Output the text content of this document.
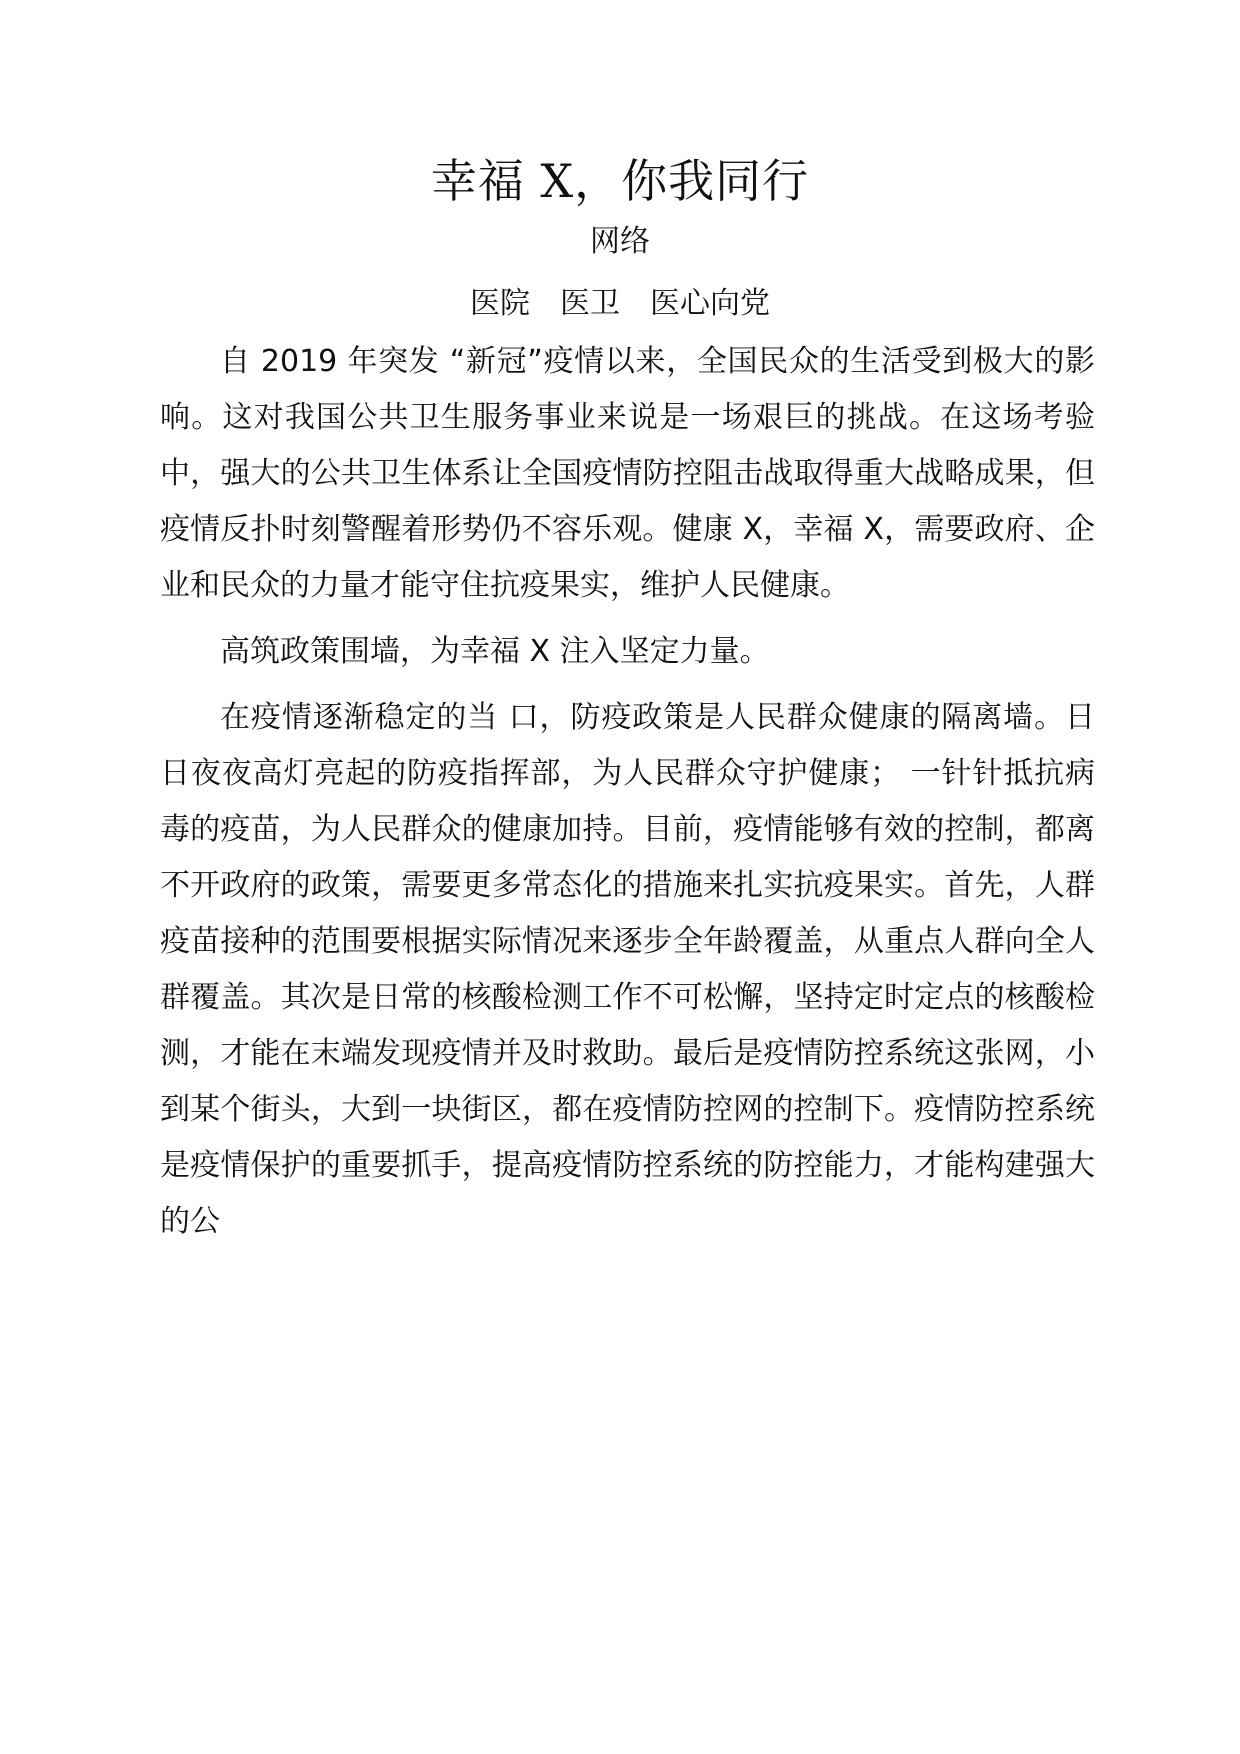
幸福 X，你我同行
网络
医院　医卫　医心向党

自 2019 年突发 “新冠”疫情以来，全国民众的生活受到极大的影响。这对我国公共卫生服务事业来说是一场艰巨的挑战。在这场考验中，强大的公共卫生体系让全国疫情防控阻击战取得重大战略成果，但疫情反扑时刻警醒着形势仍不容乐观。健康 X，幸福 X，需要政府、企业和民众的力量才能守住抗疫果实，维护人民健康。

高筑政策围墙，为幸福 X 注入坚定力量。

在疫情逐渐稳定的当 口，防疫政策是人民群众健康的隔离墙。日日夜夜高灯亮起的防疫指挥部，为人民群众守护健康； 一针针抵抗病毒的疫苗，为人民群众的健康加持。目前，疫情能够有效的控制，都离不开政府的政策，需要更多常态化的措施来扎实抗疫果实。首先，人群疫苗接种的范围要根据实际情况来逐步全年龄覆盖，从重点人群向全人群覆盖。其次是日常的核酸检测工作不可松懈，坚持定时定点的核酸检测，才能在末端发现疫情并及时救助。最后是疫情防控系统这张网，小到某个街头，大到一块街区，都在疫情防控网的控制下。疫情防控系统是疫情保护的重要抓手，提高疫情防控系统的防控能力，才能构建强大的公
